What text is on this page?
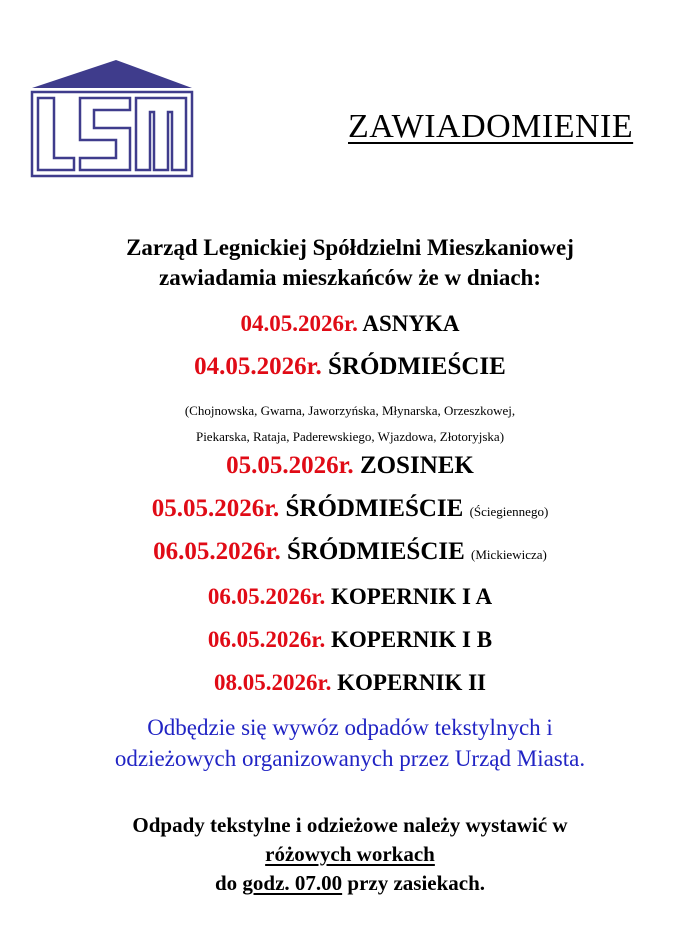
ZAWIADOMIENIE
Zarząd Legnickiej Spółdzielni Mieszkaniowej
zawiadamia mieszkańców że w dniach:
04.05.2026r. ASNYKA
04.05.2026r. ŚRÓDMIEŚCIE
(Chojnowska, Gwarna, Jaworzyńska, Młynarska, Orzeszkowej,
Piekarska, Rataja, Paderewskiego, Wjazdowa, Złotoryjska)
05.05.2026r. ZOSINEK
05.05.2026r. ŚRÓDMIEŚCIE (Ściegiennego)
06.05.2026r. ŚRÓDMIEŚCIE (Mickiewicza)
06.05.2026r. KOPERNIK I A
06.05.2026r. KOPERNIK I B
08.05.2026r. KOPERNIK II
Odbędzie się wywóz odpadów tekstylnych i
odzieżowych organizowanych przez Urząd Miasta.
Odpady tekstylne i odzieżowe należy wystawić w
różowych workach
do godz. 07.00 przy zasiekach.
